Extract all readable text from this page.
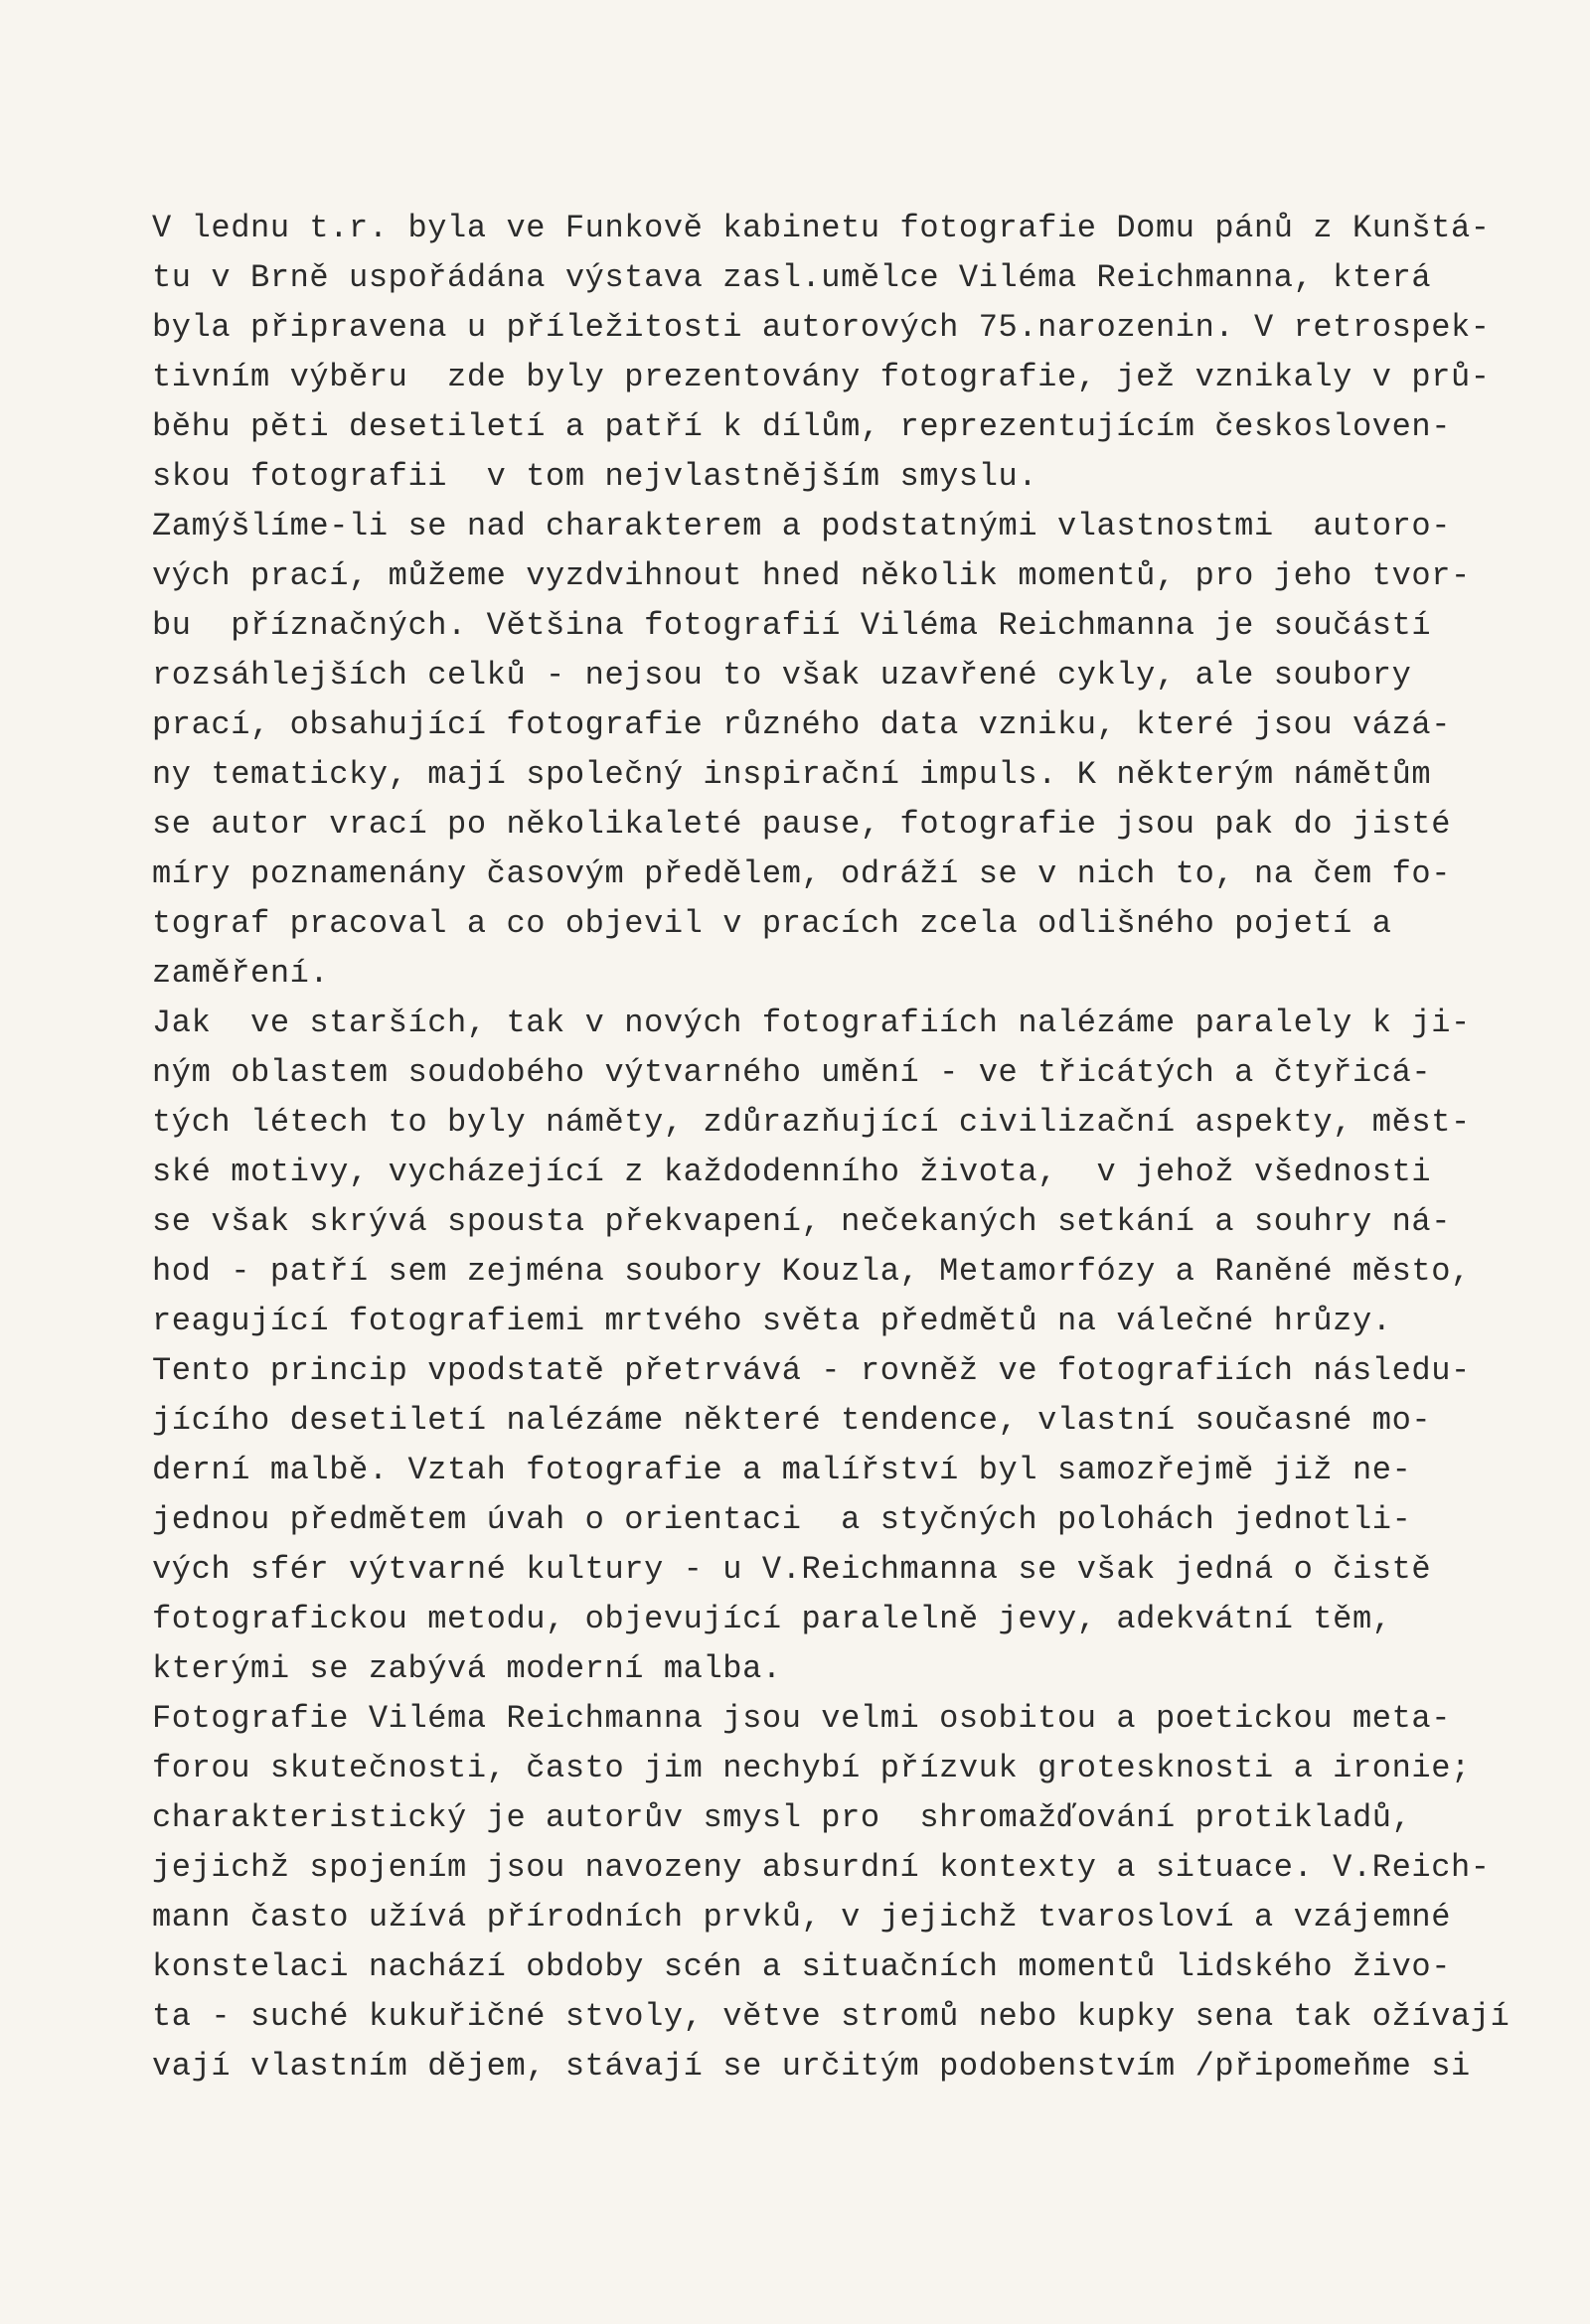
V lednu t.r. byla ve Funkově kabinetu fotografie Domu pánů z Kunštá-
tu v Brně uspořádána výstava zasl.umělce Viléma Reichmanna, která
byla připravena u příležitosti autorových 75.narozenin. V retrospek-
tivním výběru  zde byly prezentovány fotografie, jež vznikaly v prů-
běhu pěti desetiletí a patří k dílům, reprezentujícím českosloven-
skou fotografii  v tom nejvlastnějším smyslu.
Zamýšlíme-li se nad charakterem a podstatnými vlastnostmi  autoro-
vých prací, můžeme vyzdvihnout hned několik momentů, pro jeho tvor-
bu  příznačných. Většina fotografií Viléma Reichmanna je součástí
rozsáhlejších celků - nejsou to však uzavřené cykly, ale soubory
prací, obsahující fotografie různého data vzniku, které jsou vázá-
ny tematicky, mají společný inspirační impuls. K některým námětům
se autor vrací po několikaleté pause, fotografie jsou pak do jisté
míry poznamenány časovým předělem, odráží se v nich to, na čem fo-
tograf pracoval a co objevil v pracích zcela odlišného pojetí a
zaměření.
Jak  ve starších, tak v nových fotografiích nalézáme paralely k ji-
ným oblastem soudobého výtvarného umění - ve třicátých a čtyřicá-
tých létech to byly náměty, zdůrazňující civilizační aspekty, měst-
ské motivy, vycházející z každodenního života,  v jehož všednosti
se však skrývá spousta překvapení, nečekaných setkání a souhry ná-
hod - patří sem zejména soubory Kouzla, Metamorfózy a Raněné město,
reagující fotografiemi mrtvého světa předmětů na válečné hrůzy.
Tento princip vpodstatě přetrvává - rovněž ve fotografiích následu-
jícího desetiletí nalézáme některé tendence, vlastní současné mo-
derní malbě. Vztah fotografie a malířství byl samozřejmě již ne-
jednou předmětem úvah o orientaci  a styčných polohách jednotli-
vých sfér výtvarné kultury - u V.Reichmanna se však jedná o čistě
fotografickou metodu, objevující paralelně jevy, adekvátní těm,
kterými se zabývá moderní malba.
Fotografie Viléma Reichmanna jsou velmi osobitou a poetickou meta-
forou skutečnosti, často jim nechybí přízvuk grotesknosti a ironie;
charakteristický je autorův smysl pro  shromažďování protikladů,
jejichž spojením jsou navozeny absurdní kontexty a situace. V.Reich-
mann často užívá přírodních prvků, v jejichž tvarosloví a vzájemné
konstelaci nachází obdoby scén a situačních momentů lidského živo-
ta - suché kukuřičné stvoly, větve stromů nebo kupky sena tak ožívají
vají vlastním dějem, stávají se určitým podobenstvím /připomeňme si
